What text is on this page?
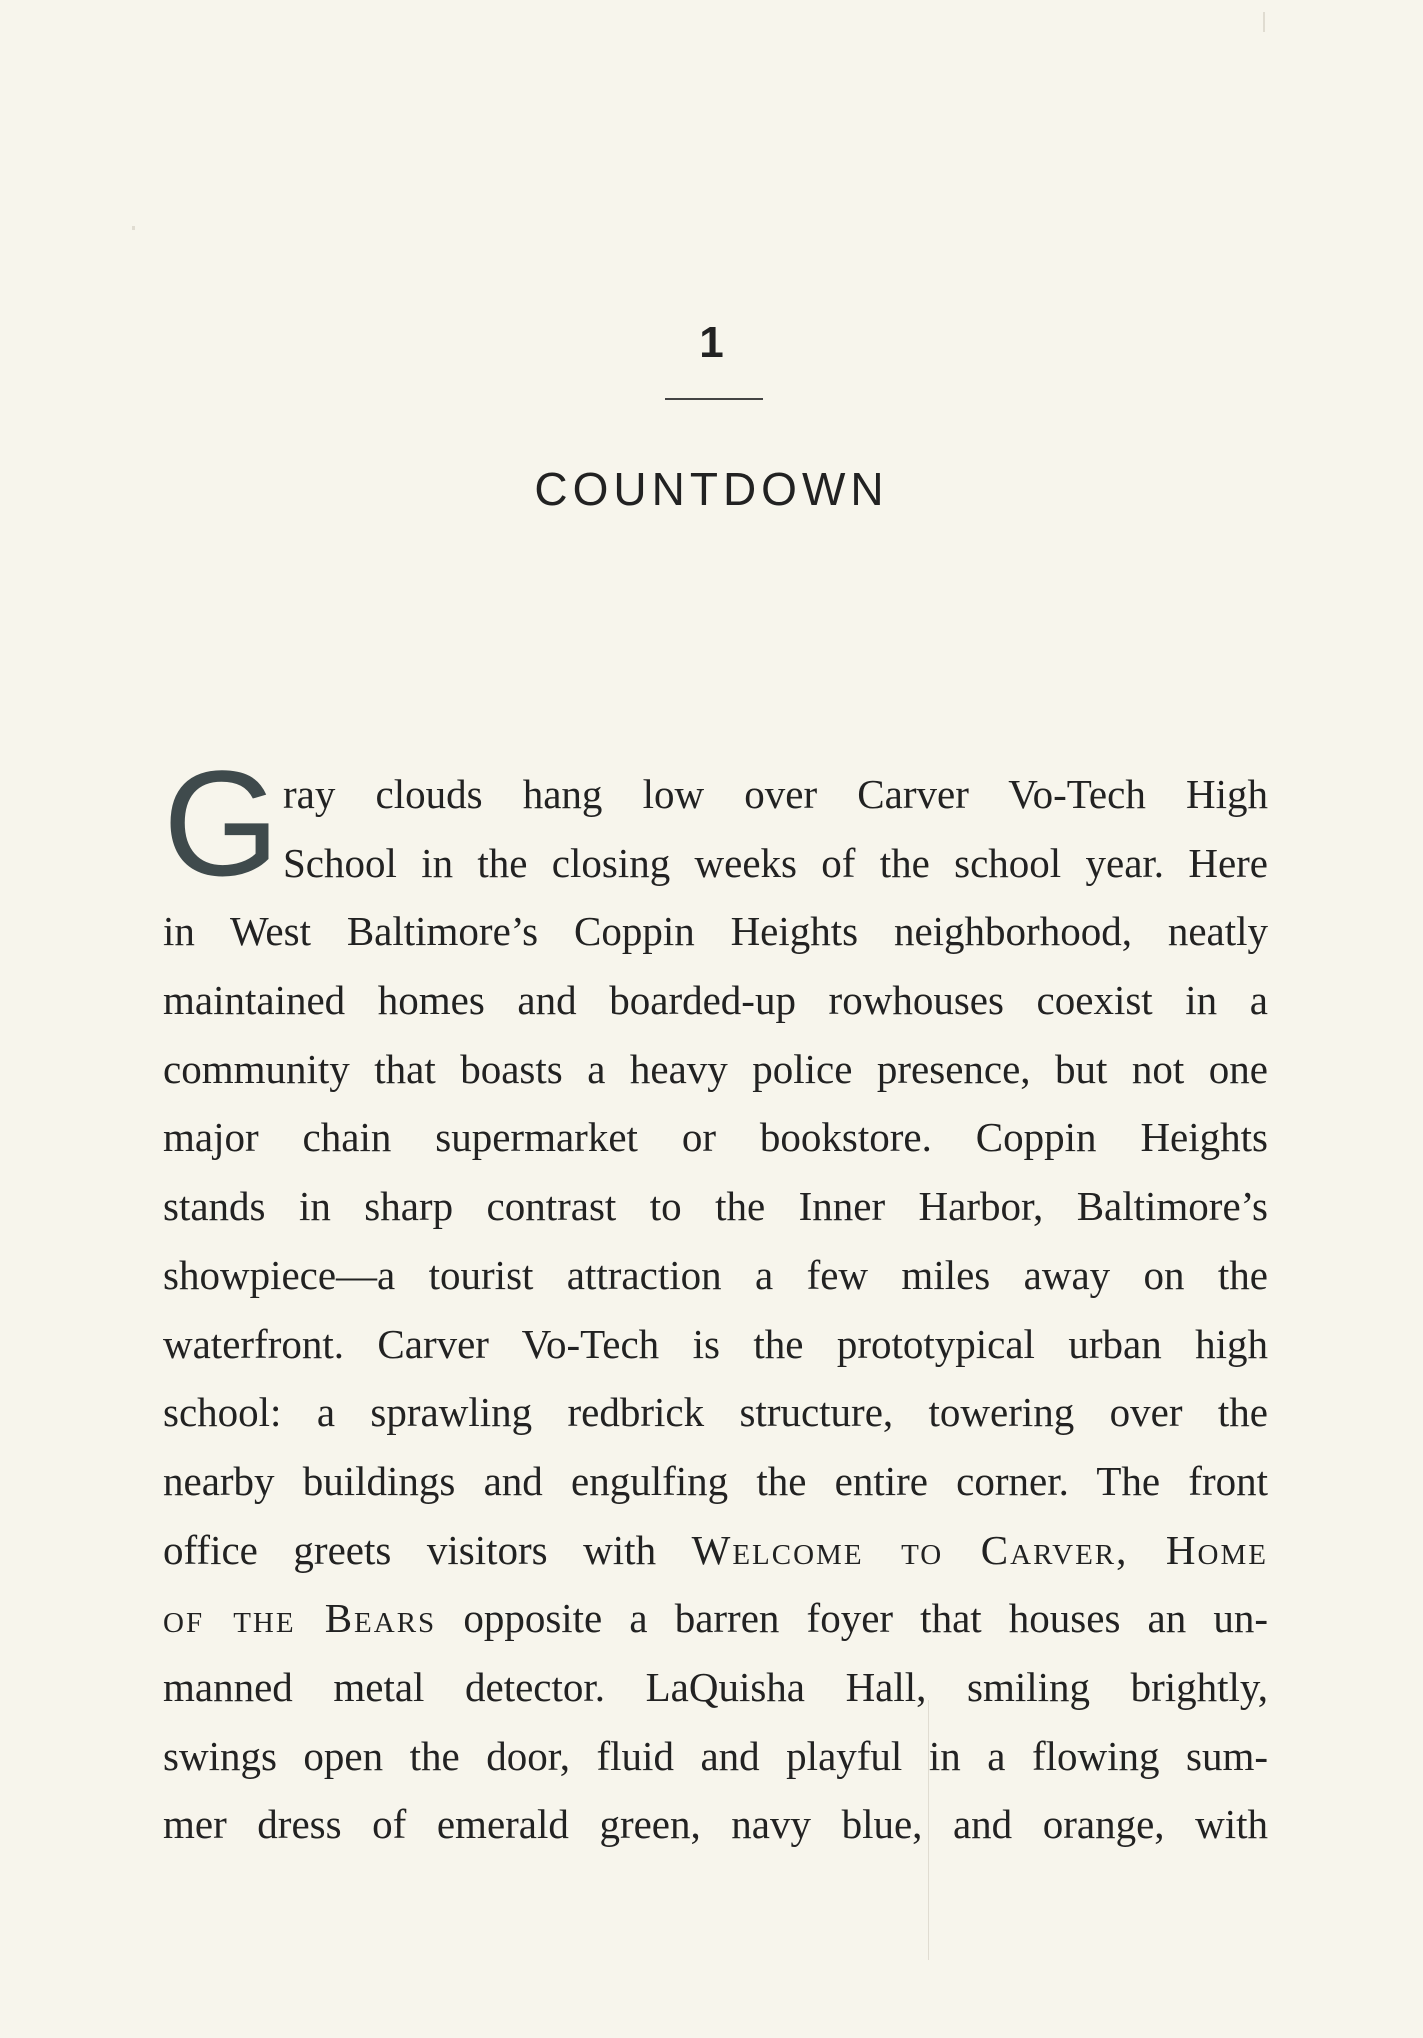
1
COUNTDOWN
G ray clouds hang low over Carver Vo-Tech High
School in the closing weeks of the school year. Here
in West Baltimore’s Coppin Heights neighborhood, neatly
maintained homes and boarded-up rowhouses coexist in a
community that boasts a heavy police presence, but not one
major chain supermarket or bookstore. Coppin Heights
stands in sharp contrast to the Inner Harbor, Baltimore’s
showpiece—a tourist attraction a few miles away on the
waterfront. Carver Vo-Tech is the prototypical urban high
school: a sprawling redbrick structure, towering over the
nearby buildings and engulfing the entire corner. The front
office greets visitors with Welcome to Carver, Home
of the Bears opposite a barren foyer that houses an un-
manned metal detector. LaQuisha Hall, smiling brightly,
swings open the door, fluid and playful in a flowing sum-
mer dress of emerald green, navy blue, and orange, with
